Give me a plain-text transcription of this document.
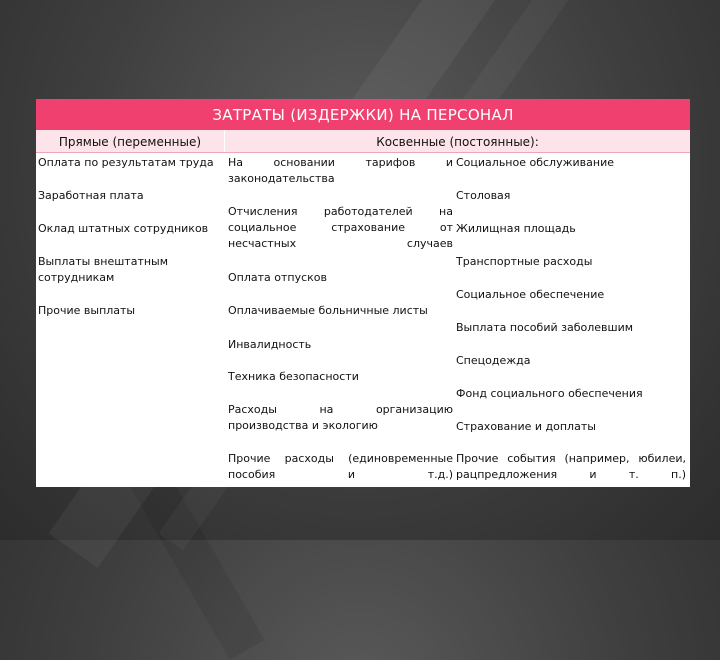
ЗАТРАТЫ (ИЗДЕРЖКИ) НА ПЕРСОНАЛ
Прямые (переменные)	Косвенные (постоянные):
Оплата по результатам труда
Заработная плата
Оклад штатных сотрудников
Выплаты внештатным сотрудникам
Прочие выплаты
На основании тарифов и законодательства
Отчисления работодателей на социальное страхование от несчастных случаев
Оплата отпусков
Оплачиваемые больничные листы
Инвалидность
Техника безопасности
Расходы на организацию производства и экологию
Прочие расходы (единовременные пособия и т.д.)
Социальное обслуживание
Столовая
Жилищная площадь
Транспортные расходы
Социальное обеспечение
Выплата пособий заболевшим
Спецодежда
Фонд социального обеспечения
Страхование и доплаты
Прочие события (например, юбилеи, рацпредложения и т. п.)
